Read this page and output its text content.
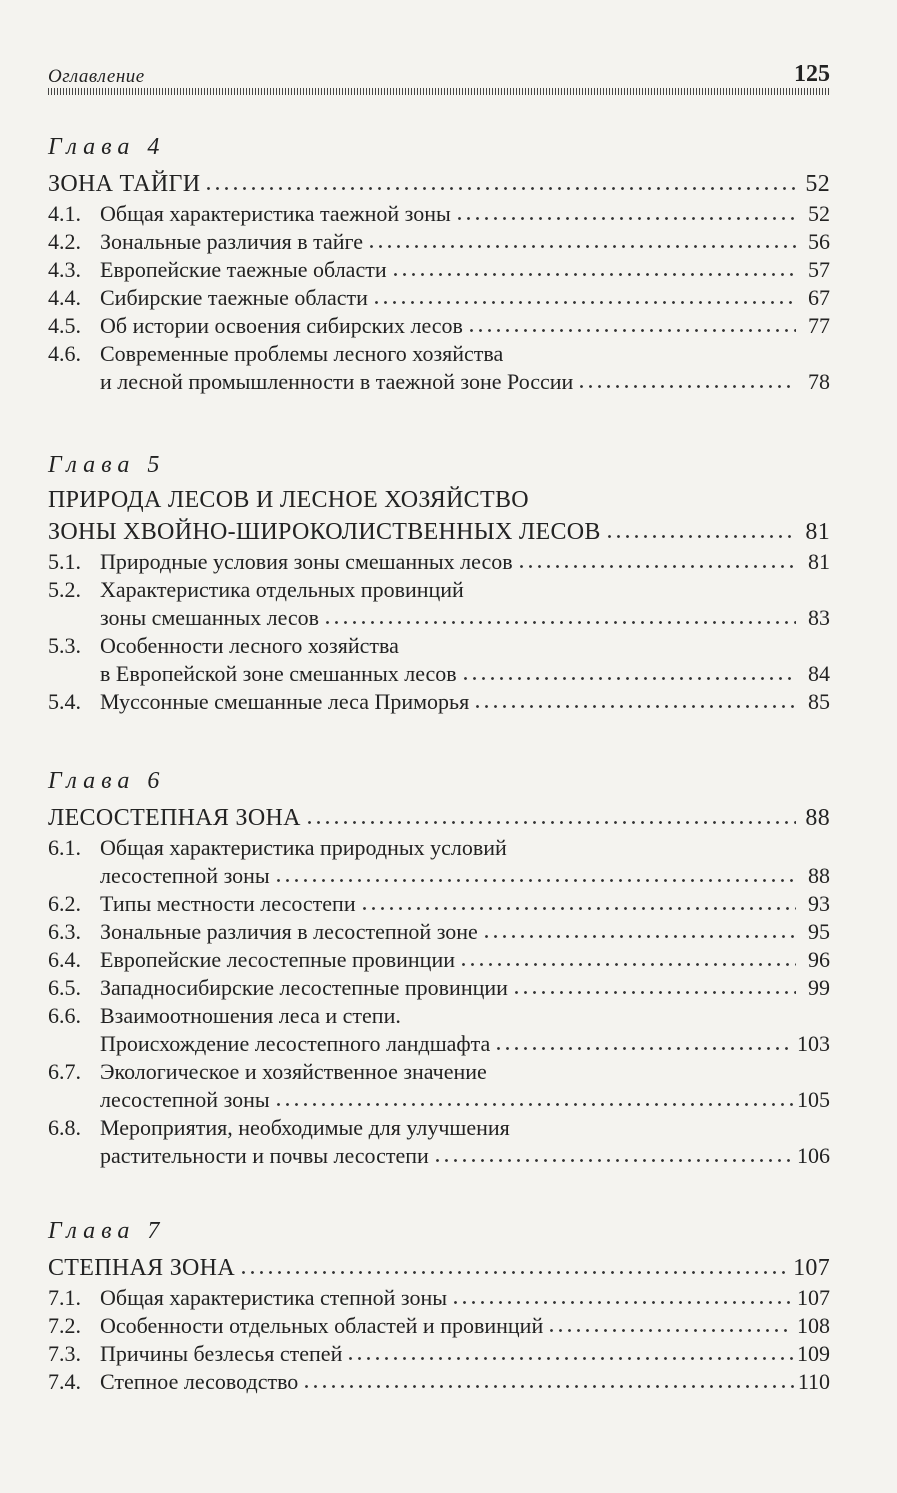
Оглавление	125
Глава 4
ЗОНА ТАЙГИ	52
4.1. Общая характеристика таежной зоны	52
4.2. Зональные различия в тайге	56
4.3. Европейские таежные области	57
4.4. Сибирские таежные области	67
4.5. Об истории освоения сибирских лесов	77
4.6. Современные проблемы лесного хозяйства
и лесной промышленности в таежной зоне России	78
Глава 5
ПРИРОДА ЛЕСОВ И ЛЕСНОЕ ХОЗЯЙСТВО
ЗОНЫ ХВОЙНО-ШИРОКОЛИСТВЕННЫХ ЛЕСОВ	81
5.1. Природные условия зоны смешанных лесов	81
5.2. Характеристика отдельных провинций
зоны смешанных лесов	83
5.3. Особенности лесного хозяйства
в Европейской зоне смешанных лесов	84
5.4. Муссонные смешанные леса Приморья	85
Глава 6
ЛЕСОСТЕПНАЯ ЗОНА	88
6.1. Общая характеристика природных условий
лесостепной зоны	88
6.2. Типы местности лесостепи	93
6.3. Зональные различия в лесостепной зоне	95
6.4. Европейские лесостепные провинции	96
6.5. Западносибирские лесостепные провинции	99
6.6. Взаимоотношения леса и степи.
Происхождение лесостепного ландшафта	103
6.7. Экологическое и хозяйственное значение
лесостепной зоны	105
6.8. Мероприятия, необходимые для улучшения
растительности и почвы лесостепи	106
Глава 7
СТЕПНАЯ ЗОНА	107
7.1. Общая характеристика степной зоны	107
7.2. Особенности отдельных областей и провинций	108
7.3. Причины безлесья степей	109
7.4. Степное лесоводство	110
